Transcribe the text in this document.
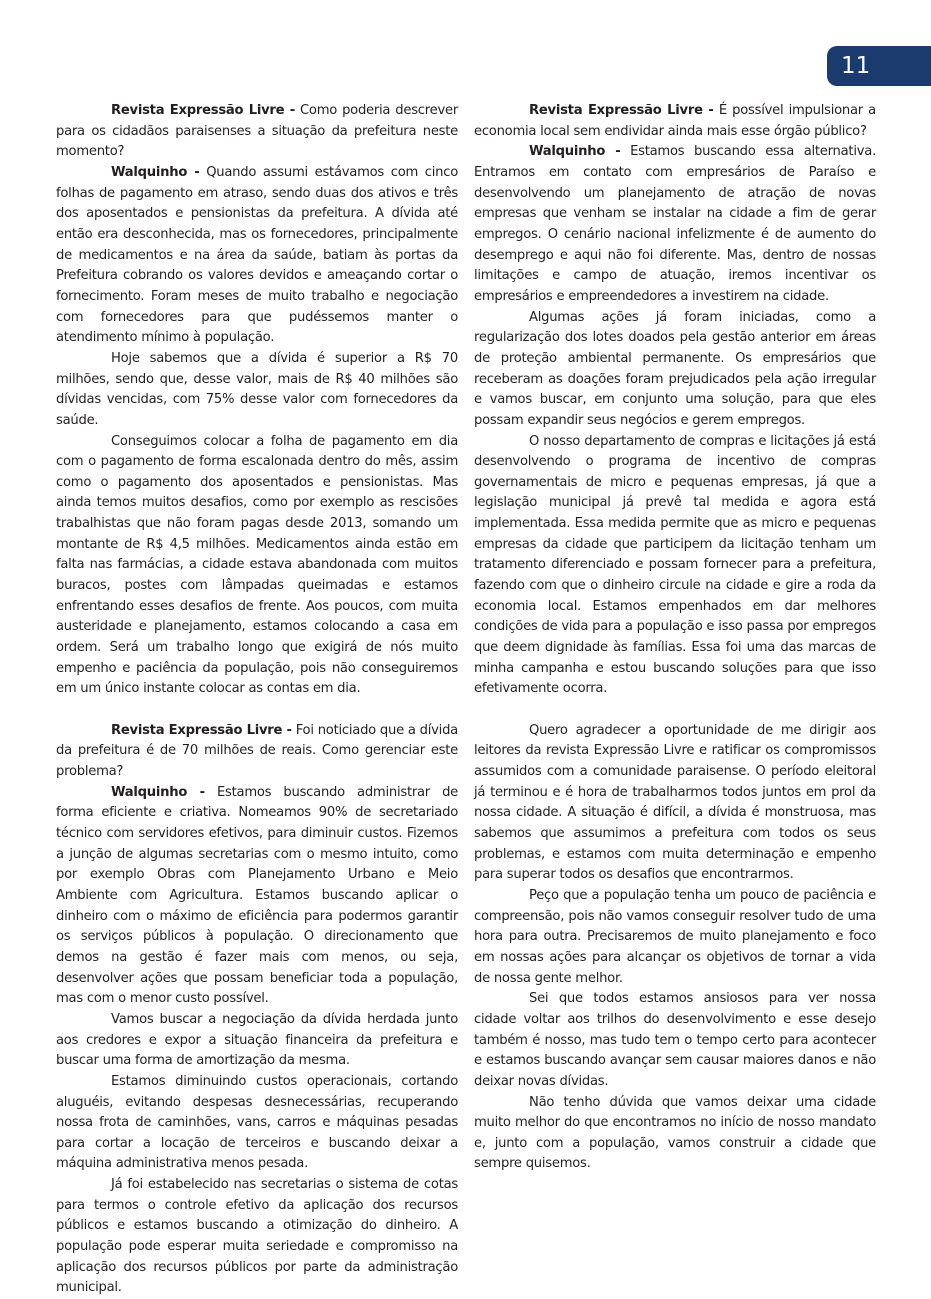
11

Revista Expressão Livre - Como poderia descrever para os cidadãos paraisenses a situação da prefeitura neste momento?

Walquinho - Quando assumi estávamos com cinco folhas de pagamento em atraso, sendo duas dos ativos e três dos aposentados e pensionistas da prefeitura. A dívida até então era desconhecida, mas os fornecedores, principalmente de medicamentos e na área da saúde, batiam às portas da Prefeitura cobrando os valores devidos e ameaçando cortar o fornecimento. Foram meses de muito trabalho e negociação com fornecedores para que pudéssemos manter o atendimento mínimo à população.

Hoje sabemos que a dívida é superior a R$ 70 milhões, sendo que, desse valor, mais de R$ 40 milhões são dívidas vencidas, com 75% desse valor com fornecedores da saúde.

Conseguimos colocar a folha de pagamento em dia com o pagamento de forma escalonada dentro do mês, assim como o pagamento dos aposentados e pensionistas. Mas ainda temos muitos desafios, como por exemplo as rescisões trabalhistas que não foram pagas desde 2013, somando um montante de R$ 4,5 milhões. Medicamentos ainda estão em falta nas farmácias, a cidade estava abandonada com muitos buracos, postes com lâmpadas queimadas e estamos enfrentando esses desafios de frente. Aos poucos, com muita austeridade e planejamento, estamos colocando a casa em ordem. Será um trabalho longo que exigirá de nós muito empenho e paciência da população, pois não conseguiremos em um único instante colocar as contas em dia.

Revista Expressão Livre - Foi noticiado que a dívida da prefeitura é de 70 milhões de reais. Como gerenciar este problema?

Walquinho - Estamos buscando administrar de forma eficiente e criativa. Nomeamos 90% de secretariado técnico com servidores efetivos, para diminuir custos. Fizemos a junção de algumas secretarias com o mesmo intuito, como por exemplo Obras com Planejamento Urbano e Meio Ambiente com Agricultura. Estamos buscando aplicar o dinheiro com o máximo de eficiência para podermos garantir os serviços públicos à população. O direcionamento que demos na gestão é fazer mais com menos, ou seja, desenvolver ações que possam beneficiar toda a população, mas com o menor custo possível.

Vamos buscar a negociação da dívida herdada junto aos credores e expor a situação financeira da prefeitura e buscar uma forma de amortização da mesma.

Estamos diminuindo custos operacionais, cortando aluguéis, evitando despesas desnecessárias, recuperando nossa frota de caminhões, vans, carros e máquinas pesadas para cortar a locação de terceiros e buscando deixar a máquina administrativa menos pesada.

Já foi estabelecido nas secretarias o sistema de cotas para termos o controle efetivo da aplicação dos recursos públicos e estamos buscando a otimização do dinheiro. A população pode esperar muita seriedade e compromisso na aplicação dos recursos públicos por parte da administração municipal.

Revista Expressão Livre - É possível impulsionar a economia local sem endividar ainda mais esse órgão público?

Walquinho - Estamos buscando essa alternativa. Entramos em contato com empresários de Paraíso e desenvolvendo um planejamento de atração de novas empresas que venham se instalar na cidade a fim de gerar empregos. O cenário nacional infelizmente é de aumento do desemprego e aqui não foi diferente. Mas, dentro de nossas limitações e campo de atuação, iremos incentivar os empresários e empreendedores a investirem na cidade.

Algumas ações já foram iniciadas, como a regularização dos lotes doados pela gestão anterior em áreas de proteção ambiental permanente. Os empresários que receberam as doações foram prejudicados pela ação irregular e vamos buscar, em conjunto uma solução, para que eles possam expandir seus negócios e gerem empregos.

O nosso departamento de compras e licitações já está desenvolvendo o programa de incentivo de compras governamentais de micro e pequenas empresas, já que a legislação municipal já prevê tal medida e agora está implementada. Essa medida permite que as micro e pequenas empresas da cidade que participem da licitação tenham um tratamento diferenciado e possam fornecer para a prefeitura, fazendo com que o dinheiro circule na cidade e gire a roda da economia local. Estamos empenhados em dar melhores condições de vida para a população e isso passa por empregos que deem dignidade às famílias. Essa foi uma das marcas de minha campanha e estou buscando soluções para que isso efetivamente ocorra.

Quero agradecer a oportunidade de me dirigir aos leitores da revista Expressão Livre e ratificar os compromissos assumidos com a comunidade paraisense. O período eleitoral já terminou e é hora de trabalharmos todos juntos em prol da nossa cidade. A situação é difícil, a dívida é monstruosa, mas sabemos que assumimos a prefeitura com todos os seus problemas, e estamos com muita determinação e empenho para superar todos os desafios que encontrarmos.

Peço que a população tenha um pouco de paciência e compreensão, pois não vamos conseguir resolver tudo de uma hora para outra. Precisaremos de muito planejamento e foco em nossas ações para alcançar os objetivos de tornar a vida de nossa gente melhor.

Sei que todos estamos ansiosos para ver nossa cidade voltar aos trilhos do desenvolvimento e esse desejo também é nosso, mas tudo tem o tempo certo para acontecer e estamos buscando avançar sem causar maiores danos e não deixar novas dívidas.

Não tenho dúvida que vamos deixar uma cidade muito melhor do que encontramos no início de nosso mandato e, junto com a população, vamos construir a cidade que sempre quisemos.
